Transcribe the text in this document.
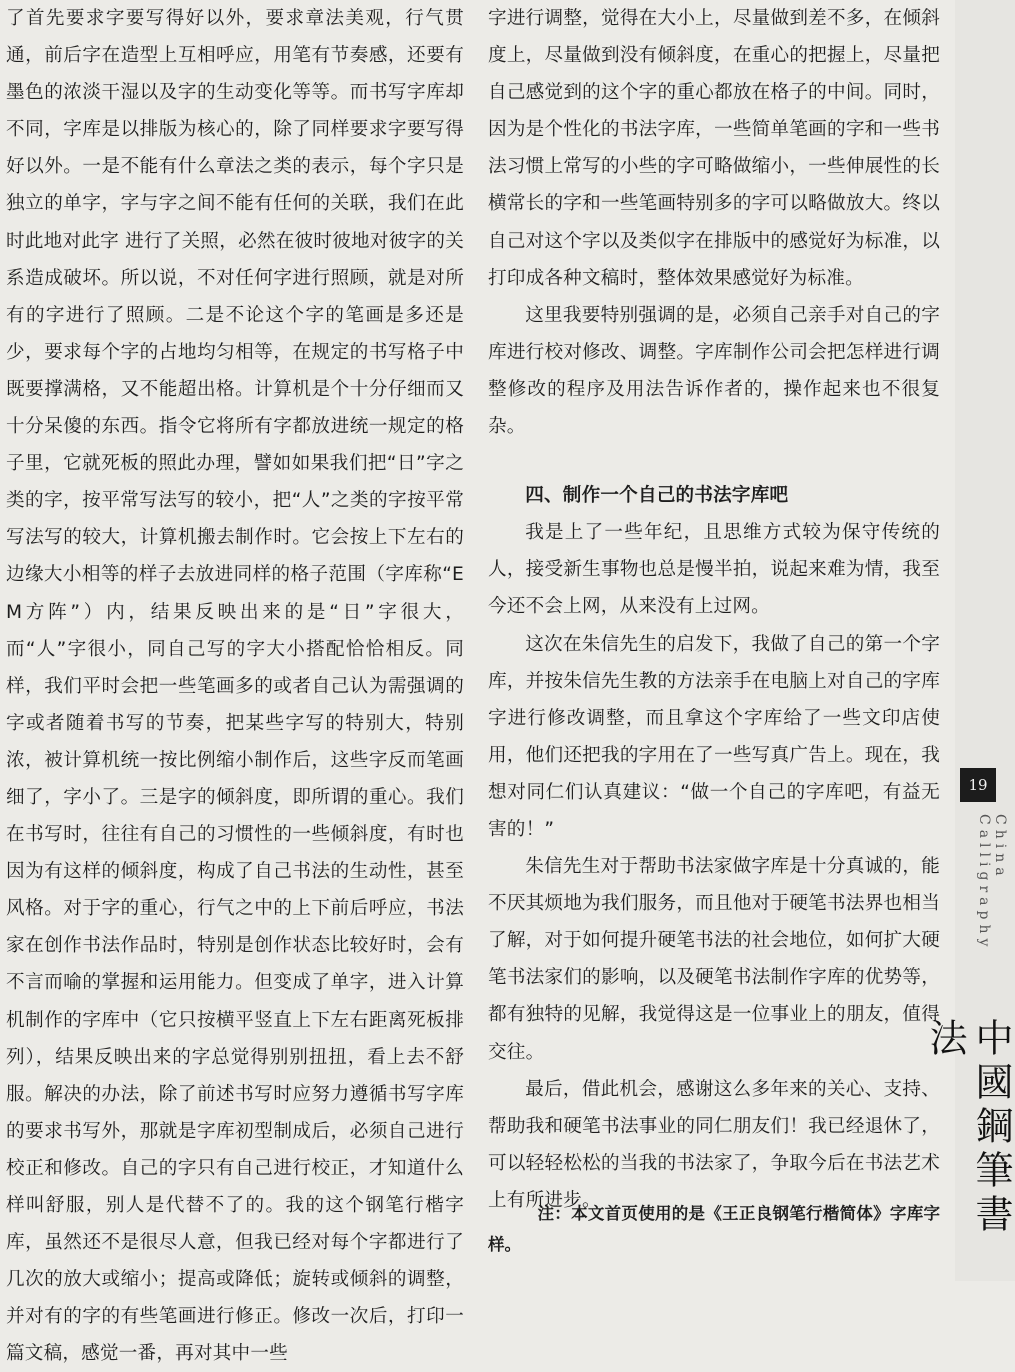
了首先要求字要写得好以外，要求章法美观，行气贯通，前后字在造型上互相呼应，用笔有节奏感，还要有墨色的浓淡干湿以及字的生动变化等等。而书写字库却不同，字库是以排版为核心的，除了同样要求字要写得好以外。一是不能有什么章法之类的表示，每个字只是独立的单字，字与字之间不能有任何的关联，我们在此时此地对此字 进行了关照，必然在彼时彼地对彼字的关系造成破坏。所以说，不对任何字进行照顾，就是对所有的字进行了照顾。二是不论这个字的笔画是多还是少，要求每个字的占地均匀相等，在规定的书写格子中既要撑满格，又不能超出格。计算机是个十分仔细而又十分呆傻的东西。指令它将所有字都放进统一规定的格子里，它就死板的照此办理，譬如如果我们把“日”字之类的字，按平常写法写的较小，把“人”之类的字按平常写法写的较大，计算机搬去制作时。它会按上下左右的边缘大小相等的样子去放进同样的格子范围（字库称“EM方阵”）内，结果反映出来的是“日”字很大，而“人”字很小，同自己写的字大小搭配恰恰相反。同样，我们平时会把一些笔画多的或者自己认为需强调的字或者随着书写的节奏，把某些字写的特别大，特别浓，被计算机统一按比例缩小制作后，这些字反而笔画细了，字小了。三是字的倾斜度，即所谓的重心。我们在书写时，往往有自己的习惯性的一些倾斜度，有时也因为有这样的倾斜度，构成了自己书法的生动性，甚至风格。对于字的重心，行气之中的上下前后呼应，书法家在创作书法作品时，特别是创作状态比较好时，会有不言而喻的掌握和运用能力。但变成了单字，进入计算机制作的字库中（它只按横平竖直上下左右距离死板排列），结果反映出来的字总觉得别别扭扭，看上去不舒服。解决的办法，除了前述书写时应努力遵循书写字库的要求书写外，那就是字库初型制成后，必须自己进行校正和修改。自己的字只有自己进行校正，才知道什么样叫舒服，别人是代替不了的。我的这个钢笔行楷字库，虽然还不是很尽人意，但我已经对每个字都进行了几次的放大或缩小；提高或降低；旋转或倾斜的调整，并对有的字的有些笔画进行修正。修改一次后，打印一篇文稿，感觉一番，再对其中一些

字进行调整，觉得在大小上，尽量做到差不多，在倾斜度上，尽量做到没有倾斜度，在重心的把握上，尽量把自己感觉到的这个字的重心都放在格子的中间。同时，因为是个性化的书法字库，一些简单笔画的字和一些书法习惯上常写的小些的字可略做缩小，一些伸展性的长横常长的字和一些笔画特别多的字可以略做放大。终以自己对这个字以及类似字在排版中的感觉好为标准，以打印成各种文稿时，整体效果感觉好为标准。

这里我要特别强调的是，必须自己亲手对自己的字库进行校对修改、调整。字库制作公司会把怎样进行调整修改的程序及用法告诉作者的，操作起来也不很复杂。

四、制作一个自己的书法字库吧

我是上了一些年纪，且思维方式较为保守传统的人，接受新生事物也总是慢半拍，说起来难为情，我至今还不会上网，从来没有上过网。

这次在朱信先生的启发下，我做了自己的第一个字库，并按朱信先生教的方法亲手在电脑上对自己的字库字进行修改调整，而且拿这个字库给了一些文印店使用，他们还把我的字用在了一些写真广告上。现在，我想对同仁们认真建议：“做一个自己的字库吧，有益无害的！”

朱信先生对于帮助书法家做字库是十分真诚的，能不厌其烦地为我们服务，而且他对于硬笔书法界也相当了解，对于如何提升硬笔书法的社会地位，如何扩大硬笔书法家们的影响，以及硬笔书法制作字库的优势等，都有独特的见解，我觉得这是一位事业上的朋友，值得交往。

最后，借此机会，感谢这么多年来的关心、支持、帮助我和硬笔书法事业的同仁朋友们！我已经退休了，可以轻轻松松的当我的书法家了，争取今后在书法艺术上有所进步。

注：本文首页使用的是《王正良钢笔行楷简体》字库字样。
19
China Calligraphy
中國鋼筆書法
